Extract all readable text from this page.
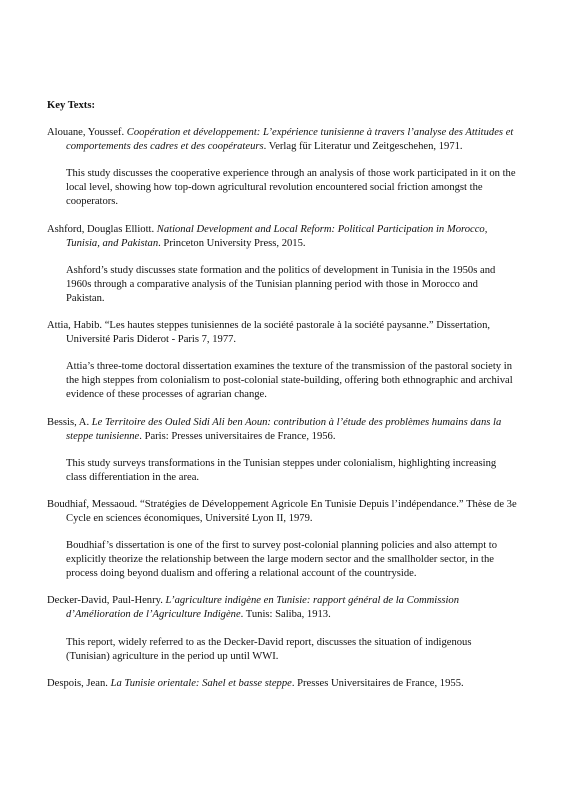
Key Texts:
Alouane, Youssef. Coopération et développement: L’expérience tunisienne à travers l’analyse des Attitudes et comportements des cadres et des coopérateurs. Verlag für Literatur und Zeitgeschehen, 1971.
This study discusses the cooperative experience through an analysis of those work participated in it on the local level, showing how top-down agricultural revolution encountered social friction amongst the cooperators.
Ashford, Douglas Elliott. National Development and Local Reform: Political Participation in Morocco, Tunisia, and Pakistan. Princeton University Press, 2015.
Ashford’s study discusses state formation and the politics of development in Tunisia in the 1950s and 1960s through a comparative analysis of the Tunisian planning period with those in Morocco and Pakistan.
Attia, Habib. “Les hautes steppes tunisiennes de la société pastorale à la société paysanne.” Dissertation, Université Paris Diderot - Paris 7, 1977.
Attia’s three-tome doctoral dissertation examines the texture of the transmission of the pastoral society in the high steppes from colonialism to post-colonial state-building, offering both ethnographic and archival evidence of these processes of agrarian change.
Bessis, A. Le Territoire des Ouled Sidi Ali ben Aoun: contribution à l’étude des problèmes humains dans la steppe tunisienne. Paris: Presses universitaires de France, 1956.
This study surveys transformations in the Tunisian steppes under colonialism, highlighting increasing class differentiation in the area.
Boudhiaf, Messaoud. “Stratégies de Développement Agricole En Tunisie Depuis l’indépendance.” Thèse de 3e Cycle en sciences économiques, Université Lyon II, 1979.
Boudhiaf’s dissertation is one of the first to survey post-colonial planning policies and also attempt to explicitly theorize the relationship between the large modern sector and the smallholder sector, in the process doing beyond dualism and offering a relational account of the countryside.
Decker-David, Paul-Henry. L’agriculture indigène en Tunisie: rapport général de la Commission d’Amélioration de l’Agriculture Indigène. Tunis: Saliba, 1913.
This report, widely referred to as the Decker-David report, discusses the situation of indigenous (Tunisian) agriculture in the period up until WWI.
Despois, Jean. La Tunisie orientale: Sahel et basse steppe. Presses Universitaires de France, 1955.
